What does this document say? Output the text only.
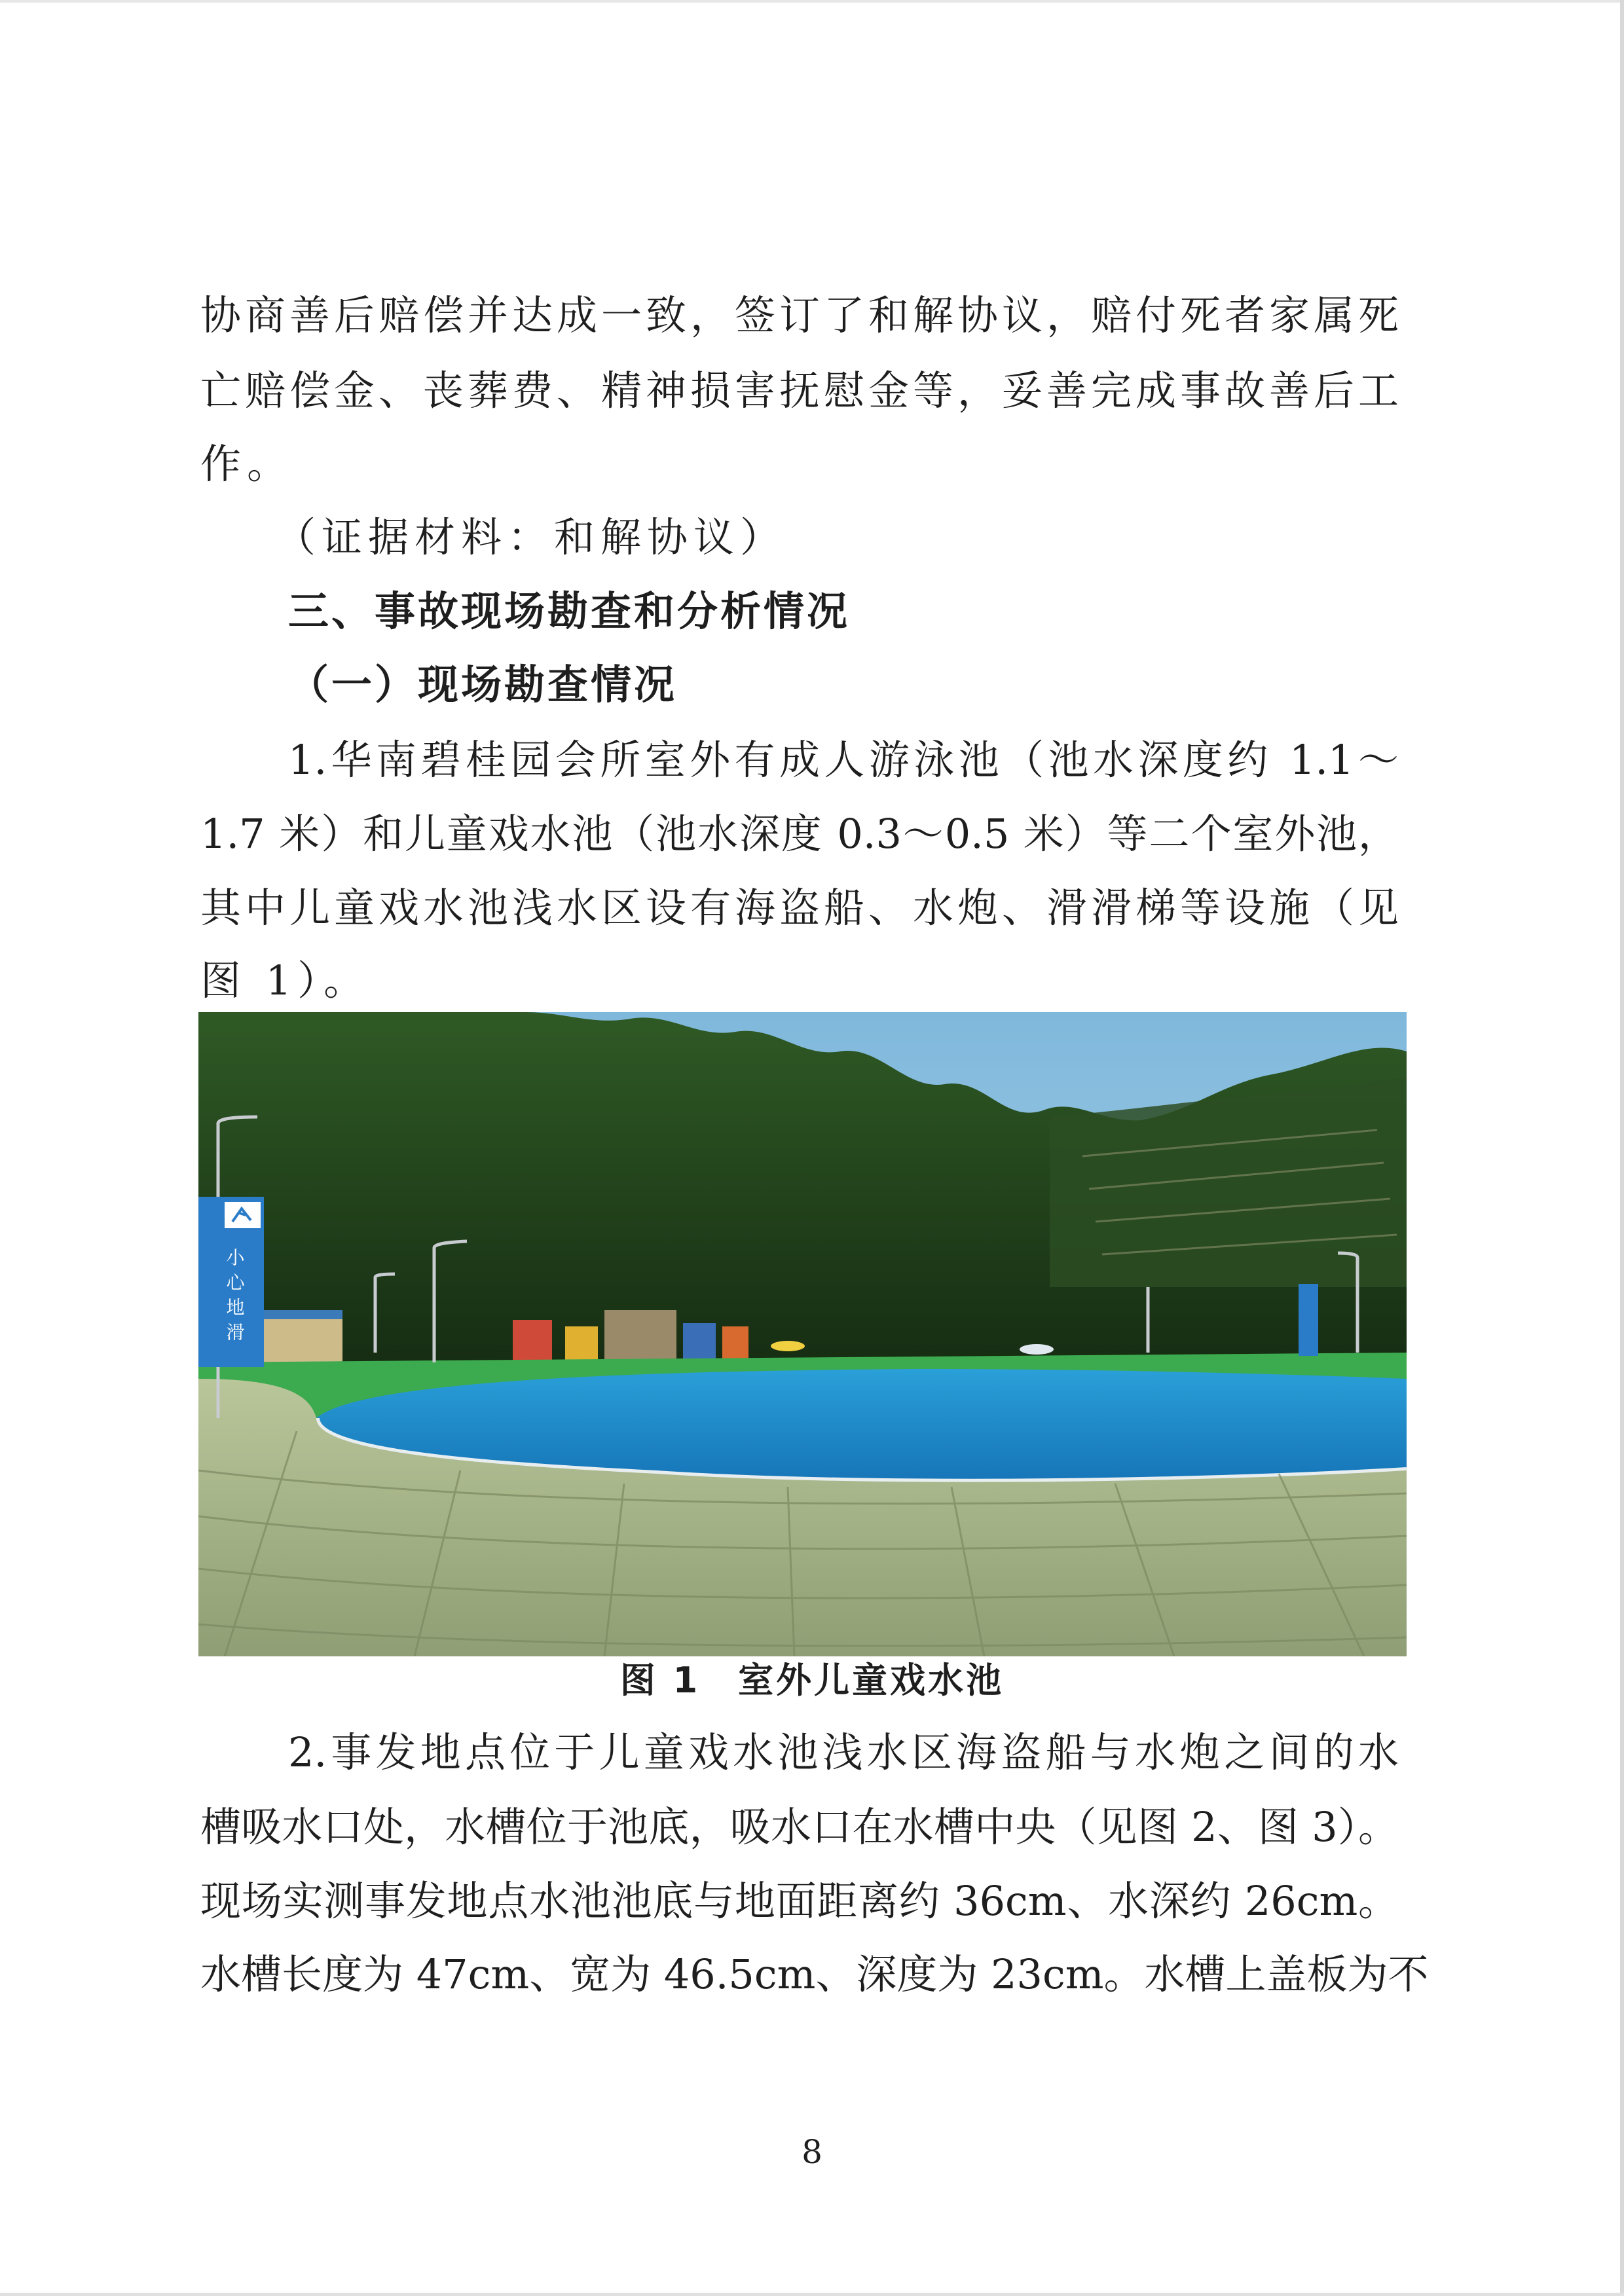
协商善后赔偿并达成一致，签订了和解协议，赔付死者家属死
亡赔偿金、丧葬费、精神损害抚慰金等，妥善完成事故善后工
作。
（证据材料：和解协议）
三、事故现场勘查和分析情况
（一）现场勘查情况
1.华南碧桂园会所室外有成人游泳池（池水深度约 1.1～
1.7 米）和儿童戏水池（池水深度 0.3～0.5 米）等二个室外池，
其中儿童戏水池浅水区设有海盗船、水炮、滑滑梯等设施（见
图 1）。
小心地滑
图 1　室外儿童戏水池
2.事发地点位于儿童戏水池浅水区海盗船与水炮之间的水
槽吸水口处，水槽位于池底，吸水口在水槽中央（见图 2、图 3）。
现场实测事发地点水池池底与地面距离约 36cm、水深约 26cm。
水槽长度为 47cm、宽为 46.5cm、深度为 23cm。水槽上盖板为不
8
